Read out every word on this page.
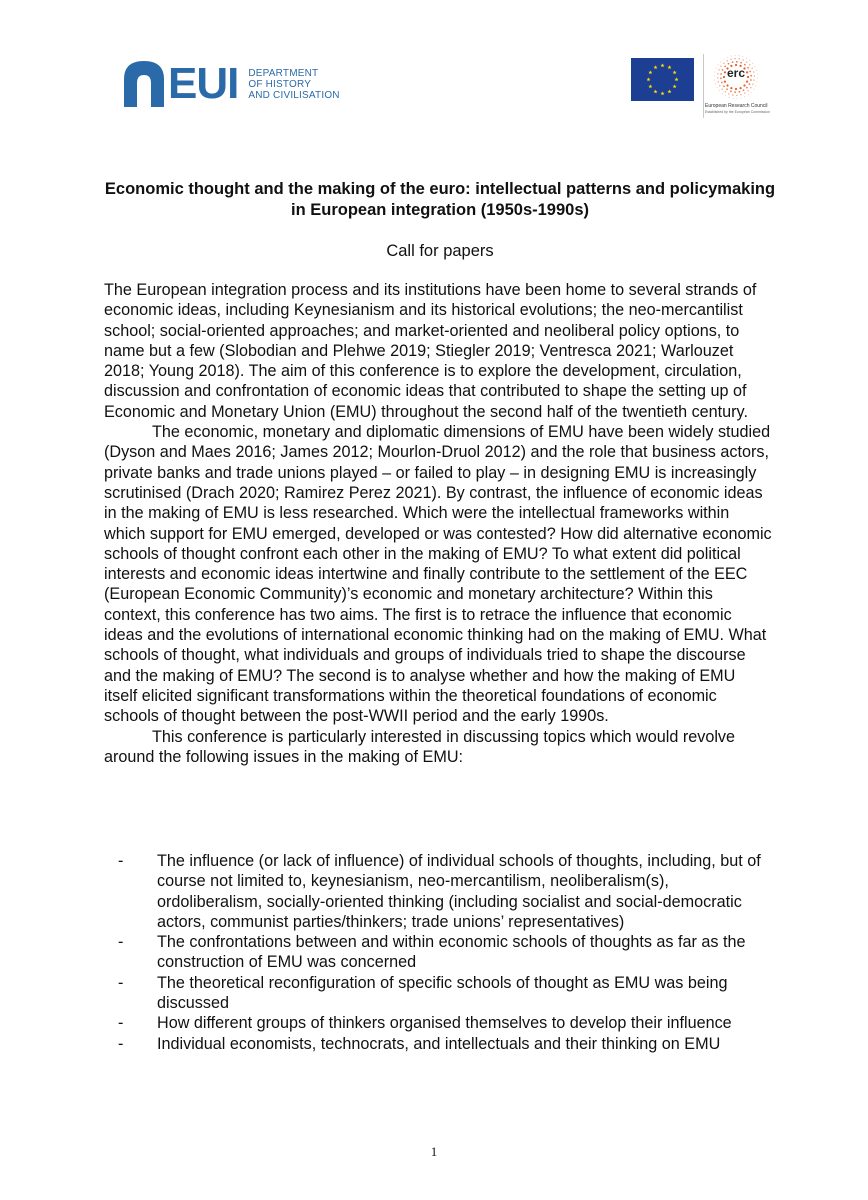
EUI DEPARTMENT
OF HISTORY
AND CIVILISATION
erc
European Research Council
Established by the European Commission
Economic thought and the making of the euro: intellectual patterns and policymaking in European integration (1950s-1990s)
Call for papers

The European integration process and its institutions have been home to several strands of economic ideas, including Keynesianism and its historical evolutions; the neo-mercantilist school; social-oriented approaches; and market-oriented and neoliberal policy options, to name but a few (Slobodian and Plehwe 2019; Stiegler 2019; Ventresca 2021; Warlouzet 2018; Young 2018). The aim of this conference is to explore the development, circulation, discussion and confrontation of economic ideas that contributed to shape the setting up of Economic and Monetary Union (EMU) throughout the second half of the twentieth century.

The economic, monetary and diplomatic dimensions of EMU have been widely studied (Dyson and Maes 2016; James 2012; Mourlon-Druol 2012) and the role that business actors, private banks and trade unions played – or failed to play – in designing EMU is increasingly scrutinised (Drach 2020; Ramirez Perez 2021). By contrast, the influence of economic ideas in the making of EMU is less researched. Which were the intellectual frameworks within which support for EMU emerged, developed or was contested? How did alternative economic schools of thought confront each other in the making of EMU? To what extent did political interests and economic ideas intertwine and finally contribute to the settlement of the EEC (European Economic Community)’s economic and monetary architecture? Within this context, this conference has two aims. The first is to retrace the influence that economic ideas and the evolutions of international economic thinking had on the making of EMU. What schools of thought, what individuals and groups of individuals tried to shape the discourse and the making of EMU? The second is to analyse whether and how the making of EMU itself elicited significant transformations within the theoretical foundations of economic schools of thought between the post-WWII period and the early 1990s.

This conference is particularly interested in discussing topics which would revolve around the following issues in the making of EMU:

- The influence (or lack of influence) of individual schools of thoughts, including, but of course not limited to, keynesianism, neo-mercantilism, neoliberalism(s), ordoliberalism, socially-oriented thinking (including socialist and social-democratic actors, communist parties/thinkers; trade unions’ representatives)
- The confrontations between and within economic schools of thoughts as far as the construction of EMU was concerned
- The theoretical reconfiguration of specific schools of thought as EMU was being discussed
- How different groups of thinkers organised themselves to develop their influence
- Individual economists, technocrats, and intellectuals and their thinking on EMU
1
